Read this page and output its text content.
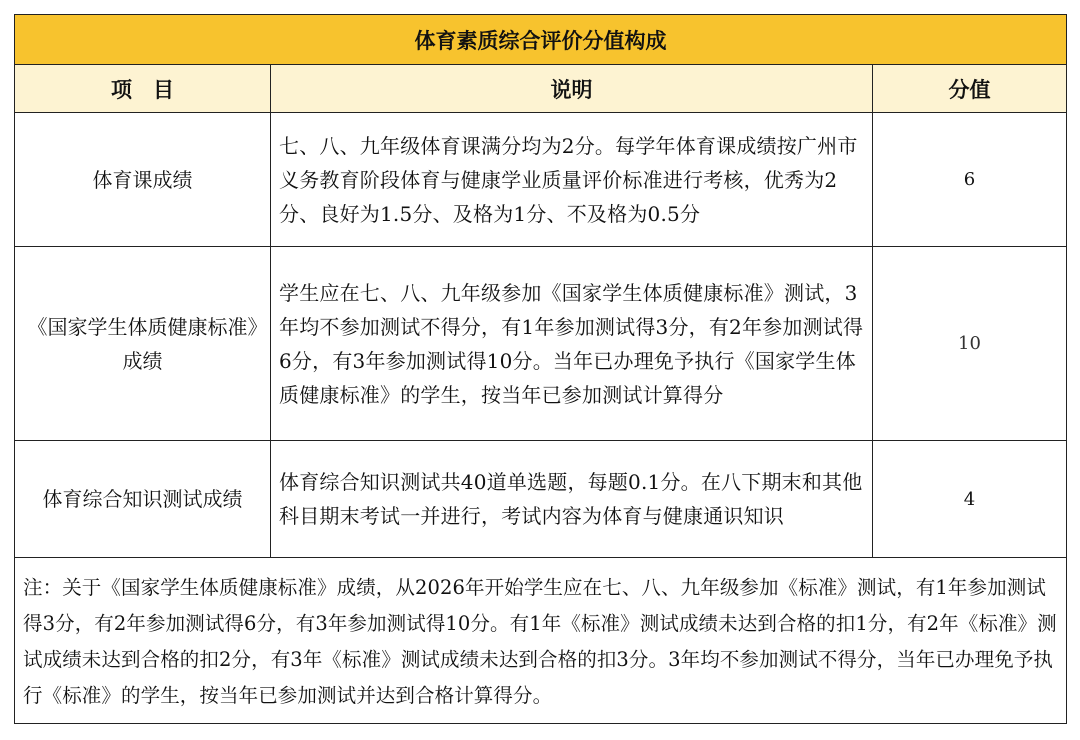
体育素质综合评价分值构成		
项　目	说明	分值
体育课成绩	七、八、九年级体育课满分均为2分。每学年体育课成绩按广州市义务教育阶段体育与健康学业质量评价标准进行考核，优秀为2分、良好为1.5分、及格为1分、不及格为0.5分	6
《国家学生体质健康标准》成绩	学生应在七、八、九年级参加《国家学生体质健康标准》测试，3年均不参加测试不得分，有1年参加测试得3分，有2年参加测试得6分，有3年参加测试得10分。当年已办理免予执行《国家学生体质健康标准》的学生，按当年已参加测试计算得分	10
体育综合知识测试成绩	体育综合知识测试共40道单选题，每题0.1分。在八下期末和其他科目期末考试一并进行，考试内容为体育与健康通识知识	4
注：关于《国家学生体质健康标准》成绩，从2026年开始学生应在七、八、九年级参加《标准》测试，有1年参加测试得3分，有2年参加测试得6分，有3年参加测试得10分。有1年《标准》测试成绩未达到合格的扣1分，有2年《标准》测试成绩未达到合格的扣2分，有3年《标准》测试成绩未达到合格的扣3分。3年均不参加测试不得分，当年已办理免予执行《标准》的学生，按当年已参加测试并达到合格计算得分。		
